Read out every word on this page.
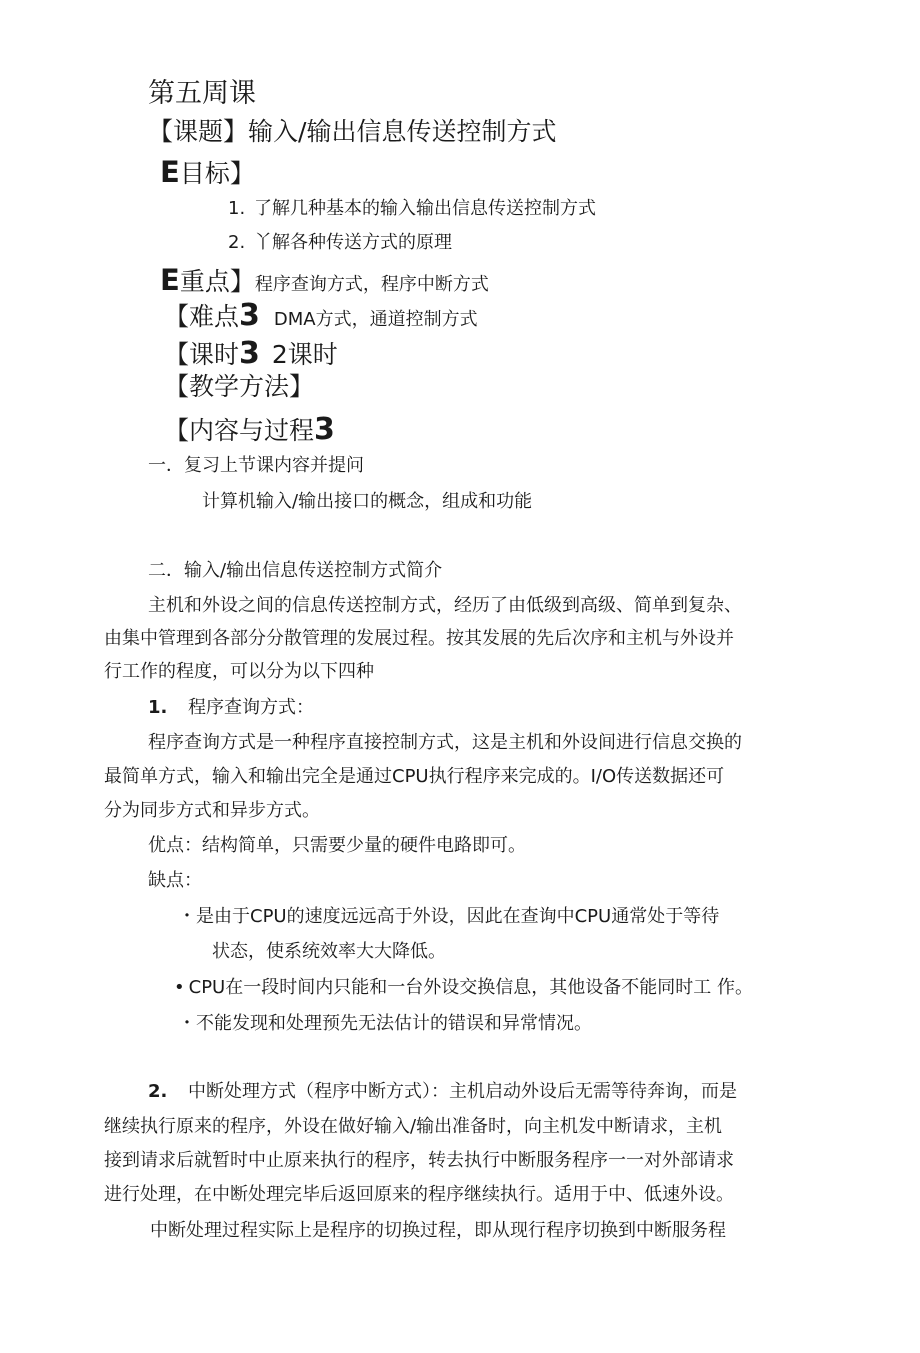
第五周课
【课题】输入/输出信息传送控制方式
E目标】
1. 了解几种基本的输入输出信息传送控制方式
2. 丫解各种传送方式的原理
E重点】程序查询方式，程序中断方式
【难点3 DMA方式，通道控制方式
【课时3 2课时
【教学方法】
【内容与过程3
一．复习上节课内容并提问
计算机输入/输出接口的概念，组成和功能
二．输入/输出信息传送控制方式简介
主机和外设之间的信息传送控制方式，经历了由低级到高级、简单到复杂、
由集中管理到各部分分散管理的发展过程。按其发展的先后次序和主机与外设并
行工作的程度，可以分为以下四种
1. 程序查询方式：
程序查询方式是一种程序直接控制方式，这是主机和外设间进行信息交换的
最简单方式，输入和输出完全是通过CPU执行程序来完成的。I/O传送数据还可
分为同步方式和异步方式。
优点：结构简单，只需要少量的硬件电路即可。
缺点：
・是由于CPU的速度远远高于外设，因此在查询中CPU通常处于等待
状态，使系统效率大大降低。
• CPU在一段时间内只能和一台外设交换信息，其他设备不能同时工 作。
・不能发现和处理预先无法估计的错误和异常情况。
2. 中断处理方式（程序中断方式）：主机启动外设后无需等待奔询，而是
继续执行原来的程序，外设在做好输入/输出准备时，向主机发中断请求，主机
接到请求后就暂时中止原来执行的程序，转去执行中断服务程序一一对外部请求
进行处理，在中断处理完毕后返回原来的程序继续执行。适用于中、低速外设。
中断处理过程实际上是程序的切换过程，即从现行程序切换到中断服务程
